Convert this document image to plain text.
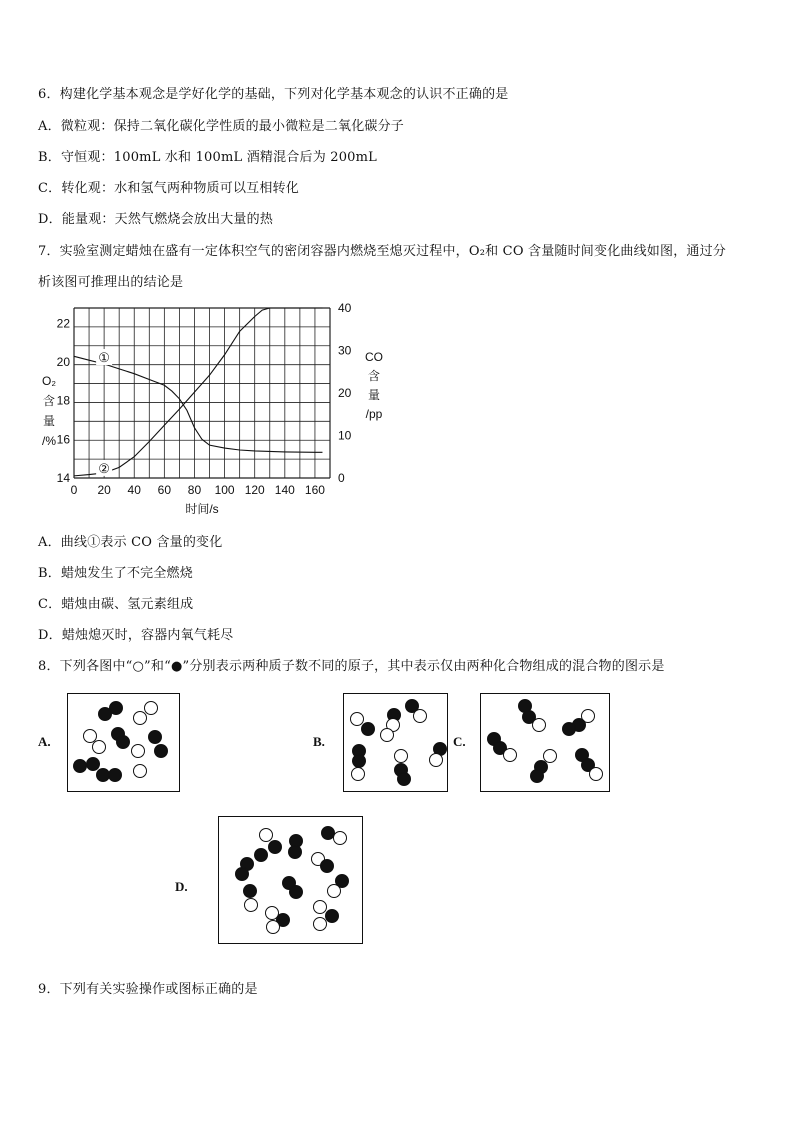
6．构建化学基本观念是学好化学的基础，下列对化学基本观念的认识不正确的是
A．微粒观：保持二氧化碳化学性质的最小微粒是二氧化碳分子
B．守恒观：100mL 水和 100mL 酒精混合后为 200mL
C．转化观：水和氢气两种物质可以互相转化
D．能量观：天然气燃烧会放出大量的热
7．实验室测定蜡烛在盛有一定体积空气的密闭容器内燃烧至熄灭过程中，O₂和 CO 含量随时间变化曲线如图，通过分
析该图可推理出的结论是
0 20 40 60 80 100 120 140 160
14
16
18
20
22
0
10
20
30
40
时间/s
O₂
含
量
/%
CO
含
量
/pp
①
②
A．曲线①表示 CO 含量的变化
B．蜡烛发生了不完全燃烧
C．蜡烛由碳、氢元素组成
D．蜡烛熄灭时，容器内氧气耗尽
8．下列各图中“○”和“●”分别表示两种质子数不同的原子，其中表示仅由两种化合物组成的混合物的图示是
A.	B.	C.
D.
9．下列有关实验操作或图标正确的是
